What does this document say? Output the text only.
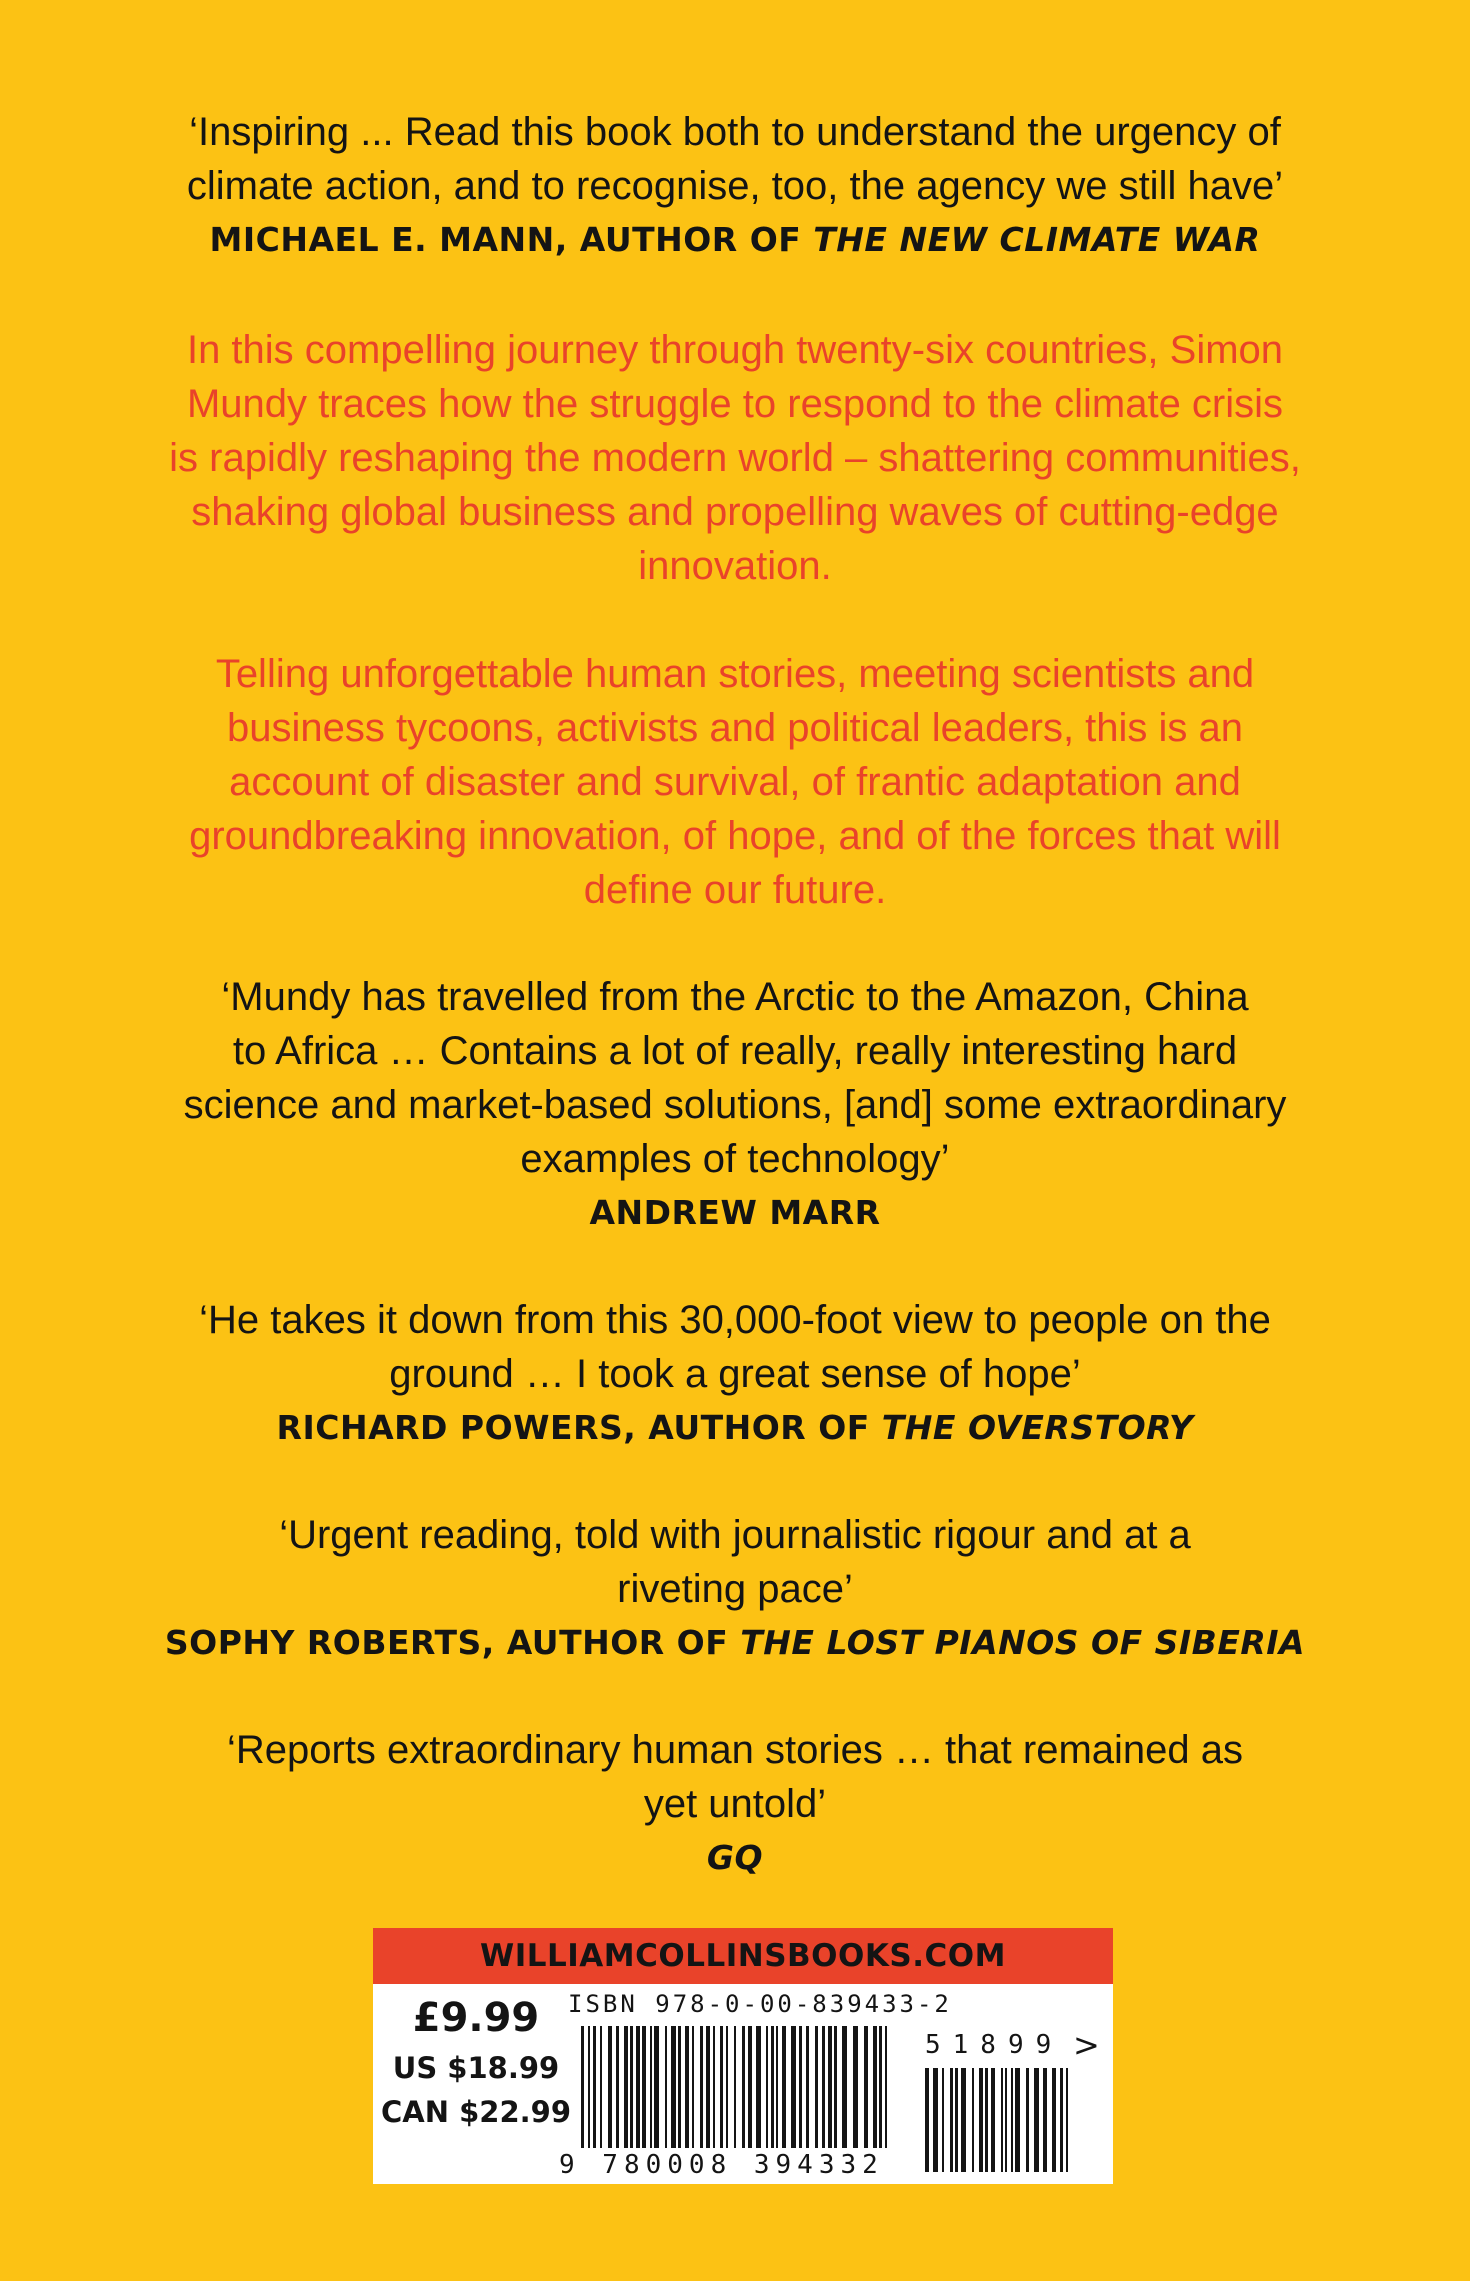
‘Inspiring ... Read this book both to understand the urgency of

climate action, and to recognise, too, the agency we still have’

MICHAEL E. MANN, AUTHOR OF THE NEW CLIMATE WAR

In this compelling journey through twenty-six countries, Simon
Mundy traces how the struggle to respond to the climate crisis
is rapidly reshaping the modern world – shattering communities,
shaking global business and propelling waves of cutting-edge
innovation.

Telling unforgettable human stories, meeting scientists and
business tycoons, activists and political leaders, this is an
account of disaster and survival, of frantic adaptation and
groundbreaking innovation, of hope, and of the forces that will
define our future.

‘Mundy has travelled from the Arctic to the Amazon, China

to Africa … Contains a lot of really, really interesting hard

science and market-based solutions, [and] some extraordinary

examples of technology’

ANDREW MARR

‘He takes it down from this 30,000-foot view to people on the

ground … I took a great sense of hope’

RICHARD POWERS, AUTHOR OF THE OVERSTORY

‘Urgent reading, told with journalistic rigour and at a

riveting pace’

SOPHY ROBERTS, AUTHOR OF THE LOST PIANOS OF SIBERIA

‘Reports extraordinary human stories … that remained as

yet untold’

GQ

WILLIAMCOLLINSBOOKS.COM
£9.99
US $18.99
CAN $22.99
ISBN 978-0-00-839433-2
9 780008 394332
51899 >
